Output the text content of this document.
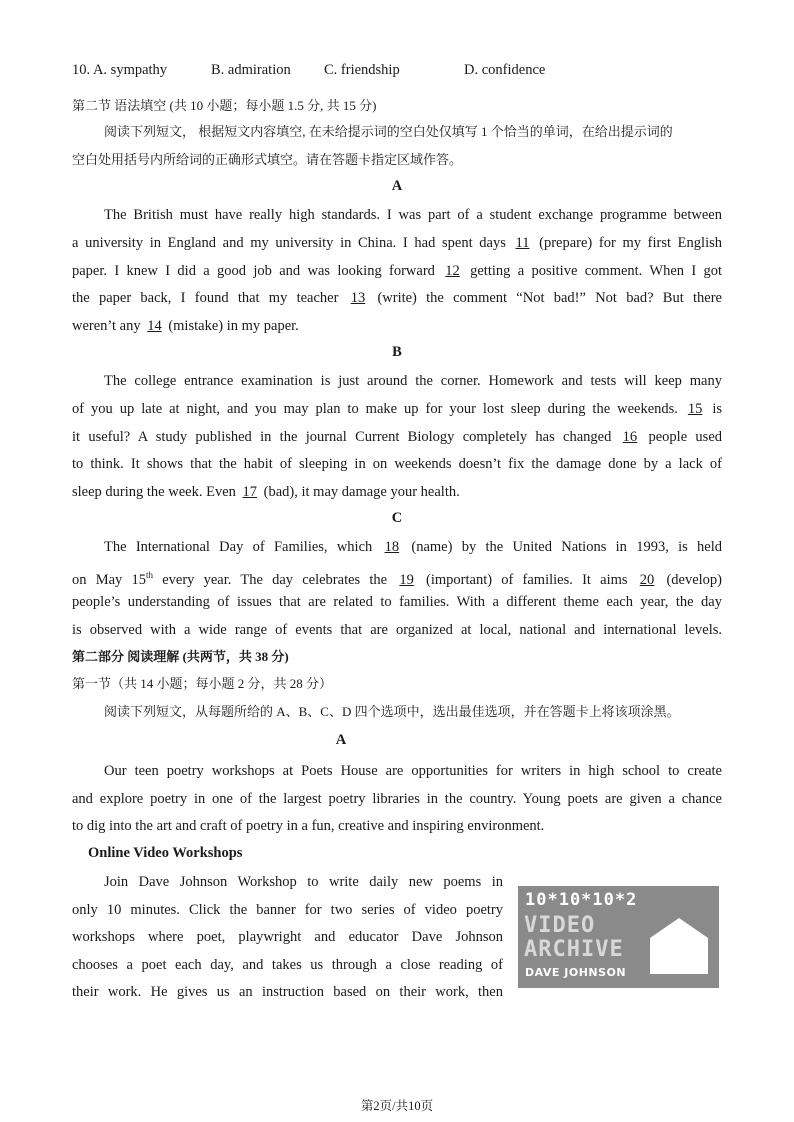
10. A. sympathy	B. admiration C. friendship	D. confidence
第二节 语法填空 (共 10 小题；每小题 1.5 分, 共 15 分)
阅读下列短文， 根据短文内容填空, 在未给提示词的空白处仅填写 1 个恰当的单词，在给出提示词的
空白处用括号内所给词的正确形式填空。请在答题卡指定区域作答。
A
The British must have really high standards. I was part of a student exchange programme between
a university in England and my university in China. I had spent days 11 (prepare) for my first English
paper. I knew I did a good job and was looking forward 12 getting a positive comment. When I got
the paper back, I found that my teacher 13 (write) the comment “Not bad!” Not bad? But there
weren’t any 14 (mistake) in my paper.
B
The college entrance examination is just around the corner. Homework and tests will keep many
of you up late at night, and you may plan to make up for your lost sleep during the weekends. 15 is
it useful? A study published in the journal Current Biology completely has changed 16 people used
to think. It shows that the habit of sleeping in on weekends doesn’t fix the damage done by a lack of
sleep during the week. Even 17 (bad), it may damage your health.
C
The International Day of Families, which 18 (name) by the United Nations in 1993, is held
on May 15th every year. The day celebrates the 19 (important) of families. It aims 20 (develop)
people’s understanding of issues that are related to families. With a different theme each year, the day
is observed with a wide range of events that are organized at local, national and international levels.
第二部分 阅读理解 (共两节，共 38 分)
第一节（共 14 小题；每小题 2 分，共 28 分）
阅读下列短文，从每题所给的 A、B、C、D 四个选项中，选出最佳选项，并在答题卡上将该项涂黑。
A
Our teen poetry workshops at Poets House are opportunities for writers in high school to create
and explore poetry in one of the largest poetry libraries in the country. Young poets are given a chance
to dig into the art and craft of poetry in a fun, creative and inspiring environment.
Online Video Workshops
Join Dave Johnson Workshop to write daily new poems in
only 10 minutes. Click the banner for two series of video poetry
workshops where poet, playwright and educator Dave Johnson
chooses a poet each day, and takes us through a close reading of
their work. He gives us an instruction based on their work, then
10*10*10*2
VIDEO
ARCHIVE
DAVE JOHNSON
第2页/共10页
